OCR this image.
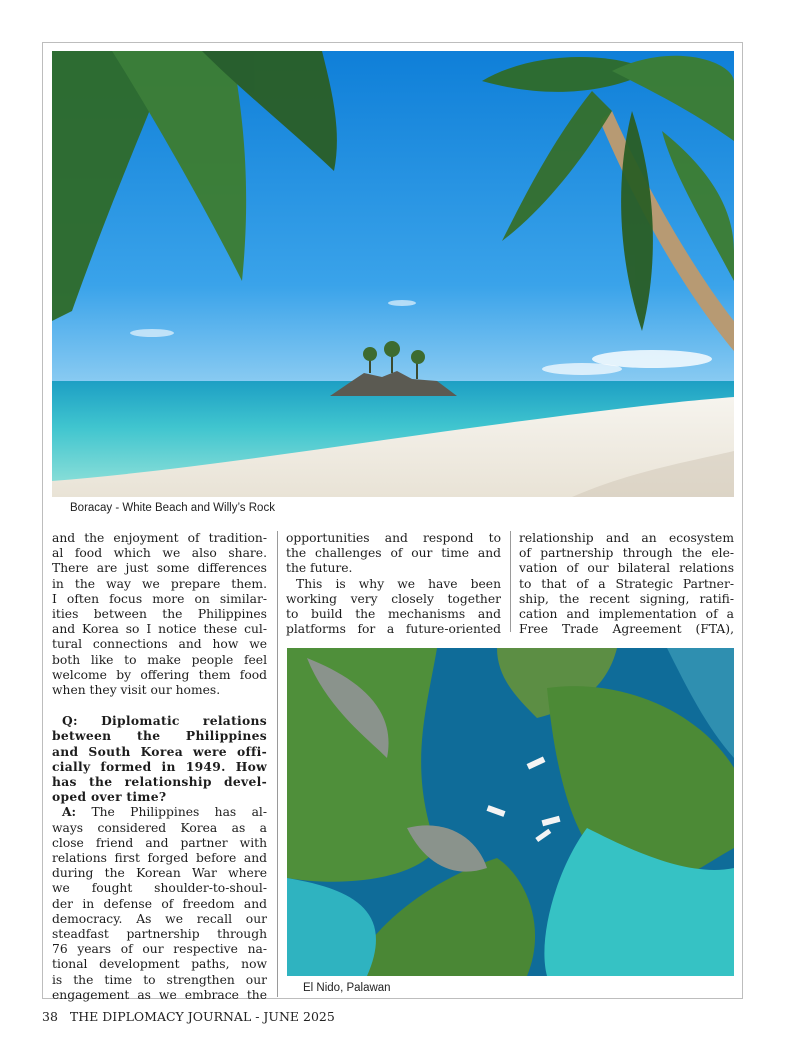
Boracay - White Beach and Willy’s Rock
and the enjoyment of tradition-
al food which we also share.
There are just some differences
in the way we prepare them.
I often focus more on similar-
ities between the Philippines
and Korea so I notice these cul-
tural connections and how we
both like to make people feel
welcome by offering them food
when they visit our homes.
Q: Diplomatic relations
between the Philippines
and South Korea were offi-
cially formed in 1949. How
has the relationship devel-
oped over time?
A: The Philippines has al-
ways considered Korea as a
close friend and partner with
relations first forged before and
during the Korean War where
we fought shoulder-to-shoul-
der in defense of freedom and
democracy. As we recall our
steadfast partnership through
76 years of our respective na-
tional development paths, now
is the time to strengthen our
engagement as we embrace the
opportunities and respond to
the challenges of our time and
the future.
This is why we have been
working very closely together
to build the mechanisms and
platforms for a future-oriented
relationship and an ecosystem
of partnership through the ele-
vation of our bilateral relations
to that of a Strategic Partner-
ship, the recent signing, ratifi-
cation and implementation of a
Free Trade Agreement (FTA),
El Nido, Palawan
38 THE DIPLOMACY JOURNAL - JUNE 2025
